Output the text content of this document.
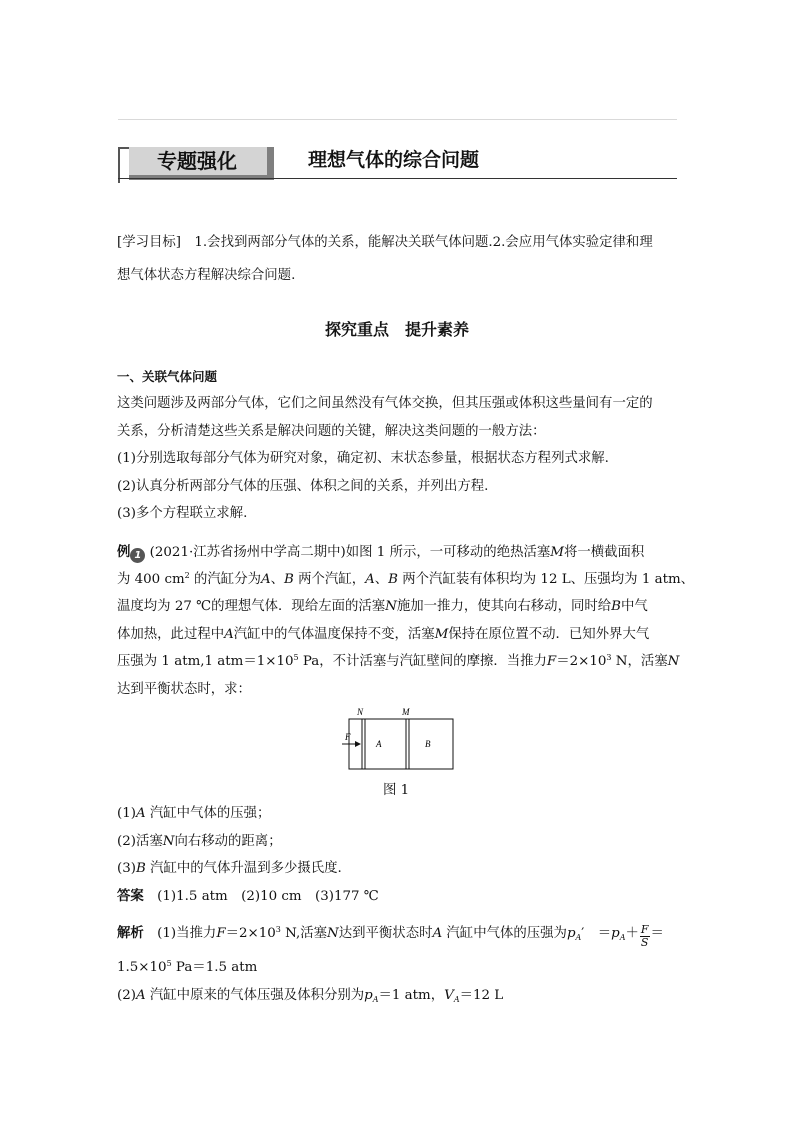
专题强化	理想气体的综合问题
[学习目标]　1.会找到两部分气体的关系，能解决关联气体问题.2.会应用气体实验定律和理
想气体状态方程解决综合问题.
探究重点　提升素养
一、关联气体问题
这类问题涉及两部分气体，它们之间虽然没有气体交换，但其压强或体积这些量间有一定的
关系，分析清楚这些关系是解决问题的关键，解决这类问题的一般方法：
(1)分别选取每部分气体为研究对象，确定初、末状态参量，根据状态方程列式求解.
(2)认真分析两部分气体的压强、体积之间的关系，并列出方程.
(3)多个方程联立求解.
例 1 (2021·江苏省扬州中学高二期中)如图 1 所示，一可移动的绝热活塞M将一横截面积
为 400 $cm^2$ 的汽缸分为A、B 两个汽缸，A、B 两个汽缸装有体积均为 12 L、压强均为 1 atm、
温度均为 27 ℃的理想气体．现给左面的活塞N施加一推力，使其向右移动，同时给B中气
体加热，此过程中A汽缸中的气体温度保持不变，活塞M保持在原位置不动．已知外界大气
压强为 1 atm,1 $atm=1\times 10^5$ Pa，不计活塞与汽缸壁间的摩擦．当推力$F=2\times 10^3$ N，活塞N
达到平衡状态时，求：
N	M
F
A	B
图 1
(1)A 汽缸中气体的压强；
(2)活塞N向右移动的距离；
(3)B 汽缸中的气体升温到多少摄氏度.
答案　 (1)1.5 atm　(2)10 cm　(3)177 ℃
解析　 (1)当推力$F=2\times 10^3$ N,活塞N达到平衡状态时A 汽缸中气体的压强为$p_A'$　$=p_A+ \frac{F}{S}$ ＝
$1.5\times 10^5$ Pa＝1.5 atm
(2)A 汽缸中原来的气体压强及体积分别为$p_A=1$ atm，$V_A=12$ L
